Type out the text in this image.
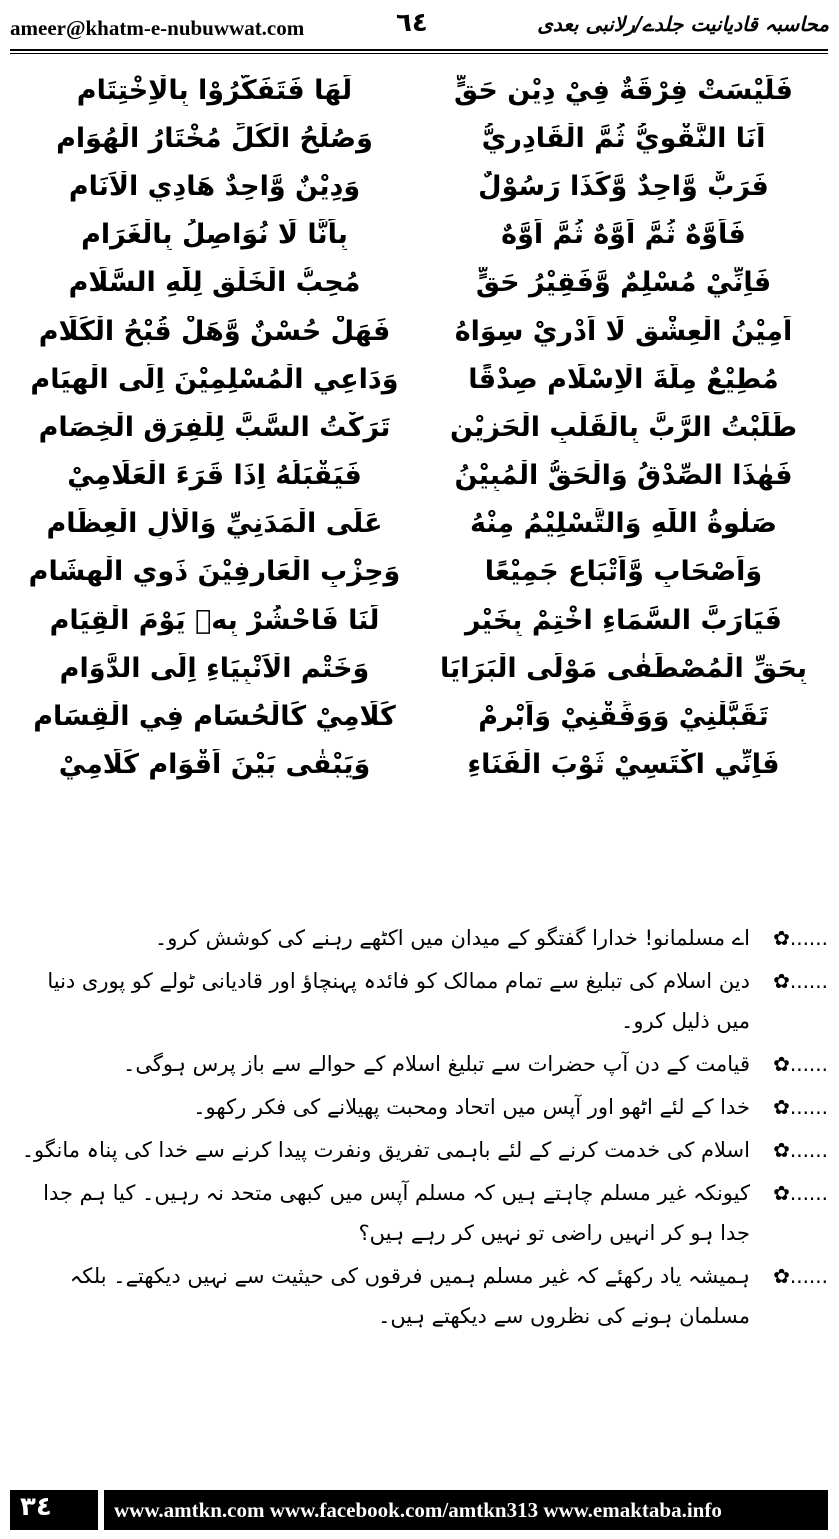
ameer@khatm-e-nubuwwat.com	٦٤	محاسبہ قادیانیت جلدے/رلانبی بعدی
فَلَيْسَتْ فِرْقَةٌ فِيْ دِيْنِ حَقٍّ
لَهَا فَتَفَكَّرُوْا بِالْاِخْتِتَامِ
اَنَا النَّقْوِيُّ ثُمَّ الْقَادِرِيُّ
وَصُلْحُ الْكُلِّ مُخْتَارُ الْهُوَامِ
فَرَبٌّ وَّاحِدٌ وَّكَذَا رَسُوْلٌ
وَدِيْنٌ وَّاحِدٌ هَادِي الْاَنَامِ
فَاَوَّهٌ ثُمَّ اَوَّهٌ ثُمَّ اَوَّهٌ
بِاَنَّا لَا نُوَاصِلُ بِالْغَرَامِ
فَاِنِّيْ مُسْلِمٌ وَّفَقِيْرُ حَقٍّ
مُحِبُّ الْخَلْقِ لِلّٰهِ السَّلَامِ
اَمِيْنُ الْعِشْقِ لَا اَدْرِيْ سِوَاهُ
فَهَلْ حُسْنٌ وَّهَلْ قُبْحُ الْكَلَامِ
مُطِيْعٌ مِلَّةَ الْاِسْلَامِ صِدْقًا
وَدَاعِي الْمُسْلِمِيْنَ اِلَى الْهِيَامِ
طَلَبْتُ الرَّبَّ بِالْقَلْبِ الْحَزِيْنِ
تَرَكْتُ السَّبَّ لِلْفِرَقِ الْخِصَامِ
فَهٰذَا الصِّدْقُ وَالْحَقُّ الْمُبِيْنُ
فَيَقْبَلُهُ اِذَا قَرَءَ الْعَلَامِيْ
صَلٰوةُ اللّٰهِ وَالتَّسْلِيْمُ مِنْهُ
عَلَى الْمَدَنِيِّ وَالْاٰلِ الْعِظَامِ
وَاَصْحَابٍ وَّاَتْبَاعٍ جَمِيْعًا
وَحِزْبِ الْعَارِفِيْنَ ذَوِي الْهِشَامِ
فَيَارَبَّ السَّمَاءِ اخْتِمْ بِخَيْرٍ
لَنَا فَاحْشُرْ بِهٖ يَوْمَ الْقِيَامِ
بِحَقِّ الْمُصْطَفٰى مَوْلَى الْبَرَايَا
وَخَتْمِ الْاَنْبِيَاءِ اِلَى الدَّوَامِ
تَقَبَّلْنِيْ وَوَفِّقْنِيْ وَاَبْرِمْ
كَلَامِيْ كَالْحُسَامِ فِي الْقِسَامِ
فَاِنِّي اكْتَسِيْ ثَوْبَ الْفَنَاءِ
وَيَبْقٰى بَيْنَ اَقْوَامٍ كَلَامِيْ
✿......
اے مسلمانو! خدارا گفتگو کے میدان میں اکٹھے رہنے کی کوشش کرو۔
✿......
دین اسلام کی تبلیغ سے تمام ممالک کو فائدہ پہنچاؤ اور قادیانی ٹولے کو پوری دنیا میں ذلیل کرو۔
✿......
قیامت کے دن آپ حضرات سے تبلیغ اسلام کے حوالے سے باز پرس ہوگی۔
✿......
خدا کے لئے اٹھو اور آپس میں اتحاد ومحبت پھیلانے کی فکر رکھو۔
✿......
اسلام کی خدمت کرنے کے لئے باہمی تفریق ونفرت پیدا کرنے سے خدا کی پناہ مانگو۔
✿......
کیونکہ غیر مسلم چاہتے ہیں کہ مسلم آپس میں کبھی متحد نہ رہیں۔ کیا ہم جدا جدا ہو کر انہیں راضی تو نہیں کر رہے ہیں؟
✿......
ہمیشہ یاد رکھئے کہ غیر مسلم ہمیں فرقوں کی حیثیت سے نہیں دیکھتے۔ بلکہ مسلمان ہونے کی نظروں سے دیکھتے ہیں۔
٣٤	www.amtkn.com www.facebook.com/amtkn313 www.emaktaba.info
